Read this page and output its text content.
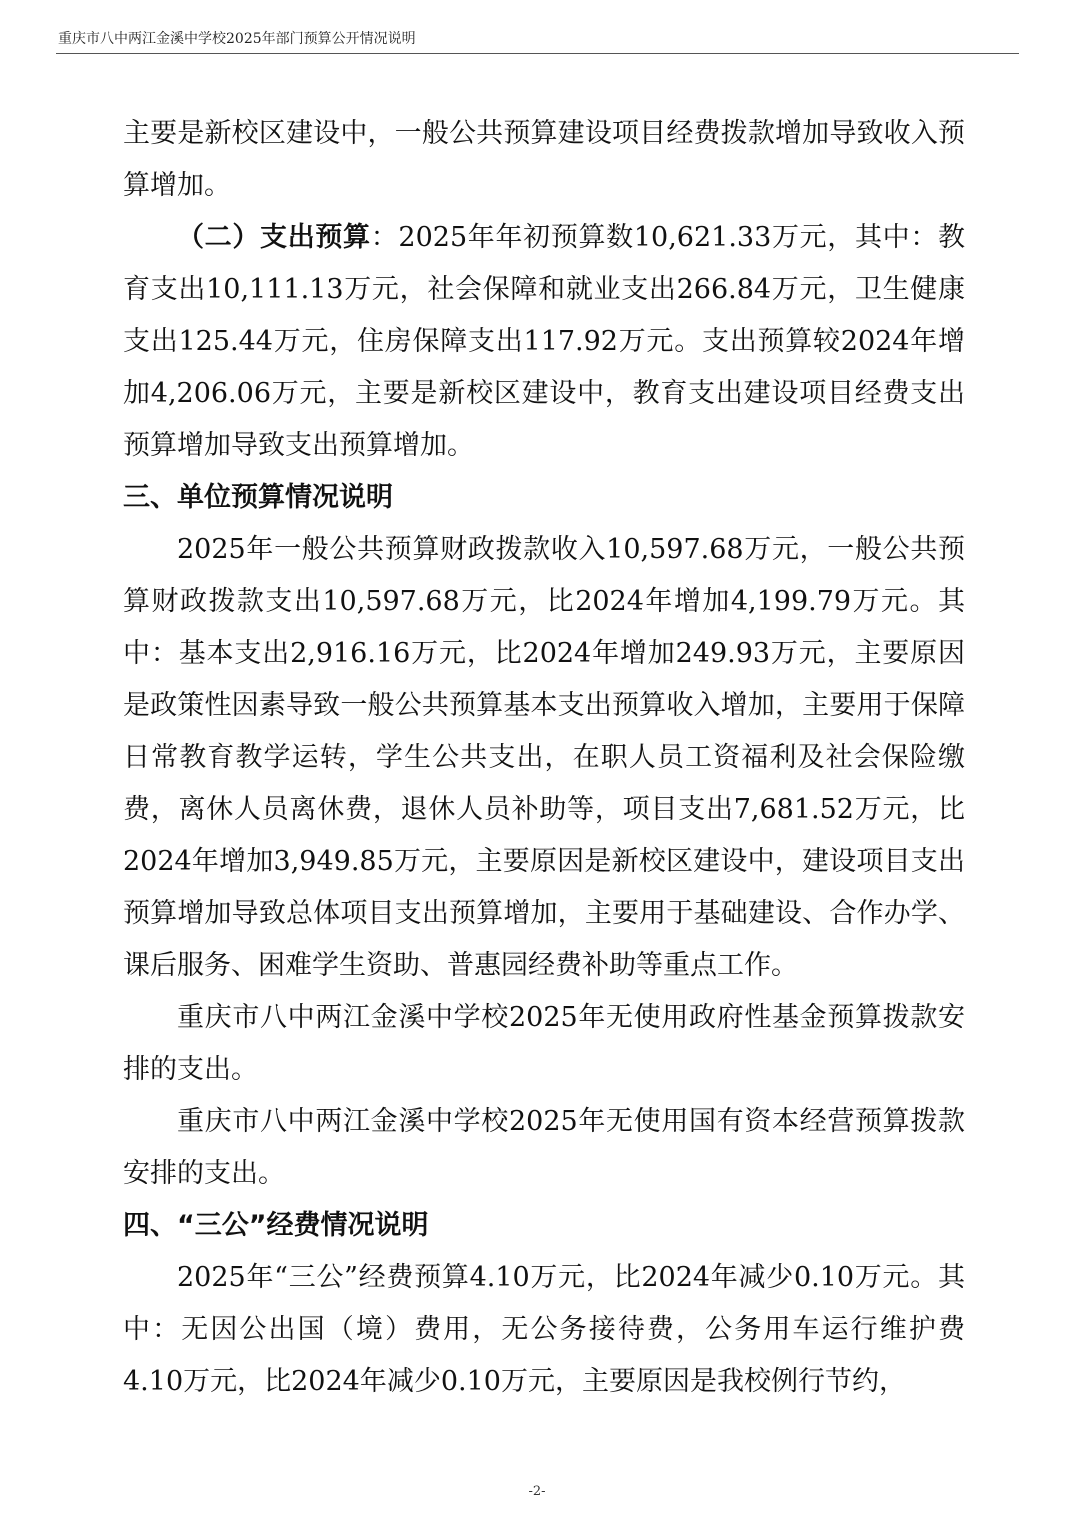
重庆市八中两江金溪中学校2025年部门预算公开情况说明

主要是新校区建设中，一般公共预算建设项目经费拨款增加导致收入预算增加。

（二）支出预算：2025年年初预算数10,621.33万元，其中：教育支出10,111.13万元，社会保障和就业支出266.84万元，卫生健康支出125.44万元，住房保障支出117.92万元。支出预算较2024年增加4,206.06万元，主要是新校区建设中，教育支出建设项目经费支出预算增加导致支出预算增加。

三、单位预算情况说明

2025年一般公共预算财政拨款收入10,597.68万元，一般公共预算财政拨款支出10,597.68万元，比2024年增加4,199.79万元。其中：基本支出2,916.16万元，比2024年增加249.93万元，主要原因是政策性因素导致一般公共预算基本支出预算收入增加，主要用于保障日常教育教学运转，学生公共支出，在职人员工资福利及社会保险缴费，离休人员离休费，退休人员补助等，项目支出7,681.52万元，比2024年增加3,949.85万元，主要原因是新校区建设中，建设项目支出预算增加导致总体项目支出预算增加，主要用于基础建设、合作办学、课后服务、困难学生资助、普惠园经费补助等重点工作。

重庆市八中两江金溪中学校2025年无使用政府性基金预算拨款安排的支出。

重庆市八中两江金溪中学校2025年无使用国有资本经营预算拨款安排的支出。

四、“三公”经费情况说明

2025年“三公”经费预算4.10万元，比2024年减少0.10万元。其中：无因公出国（境）费用，无公务接待费，公务用车运行维护费4.10万元，比2024年减少0.10万元，主要原因是我校例行节约，

-2-
